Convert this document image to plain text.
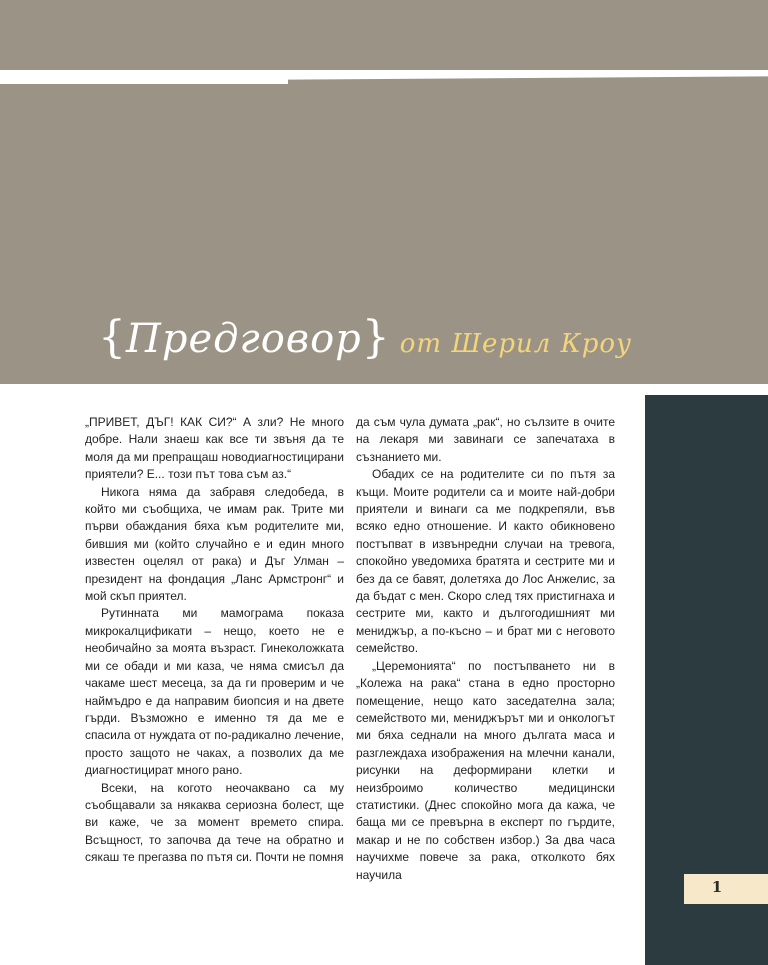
{Предговор} от Шерил Кроу
1

„ПРИВЕТ, ДЪГ! КАК СИ?“ А зли? Не много добре. Нали знаеш как все ти звъня да те моля да ми препращаш новодиагностицирани приятели? Е... този път това съм аз.“

Никога няма да забравя следобеда, в който ми съобщиха, че имам рак. Трите ми първи обаждания бяха към родителите ми, бившия ми (който случайно е и един много известен оцелял от рака) и Дъг Улман – президент на фондация „Ланс Армстронг“ и мой скъп приятел.

Рутинната ми мамограма показа микрокалцификати – нещо, което не е необичайно за моята възраст. Гинеколожката ми се обади и ми каза, че няма смисъл да чакаме шест месеца, за да ги проверим и че наймъдро е да направим биопсия и на двете гърди. Възможно е именно тя да ме е спасила от нуждата от по-радикално лечение, просто защото не чаках, а позволих да ме диагностицират много рано.

Всеки, на когото неочаквано са му съобщавали за някаква сериозна болест, ще ви каже, че за момент времето спира. Всъщност, то започва да тече на обратно и сякаш те прегазва по пътя си. Почти не помня

да съм чула думата „рак“, но сълзите в очите на лекаря ми завинаги се запечатаха в съзнанието ми.

Обадих се на родителите си по пътя за къщи. Моите родители са и моите най-добри приятели и винаги са ме подкрепяли, във всяко едно отношение. И както обикновено постъпват в извънредни случаи на тревога, спокойно уведомиха братята и сестрите ми и без да се бавят, долетяха до Лос Анжелис, за да бъдат с мен. Скоро след тях пристигнаха и сестрите ми, както и дългогодишният ми мениджър, а по-късно – и брат ми с неговото семейство.

„Церемонията“ по постъпването ни в „Колежа на рака“ стана в едно просторно помещение, нещо като заседателна зала; семейството ми, мениджърът ми и онкологът ми бяха седнали на много дългата маса и разглеждаха изображения на млечни канали, рисунки на деформирани клетки и неизброимо количество медицински статистики. (Днес спокойно мога да кажа, че баща ми се превърна в експерт по гърдите, макар и не по собствен избор.) За два часа научихме повече за рака, отколкото бях научила
